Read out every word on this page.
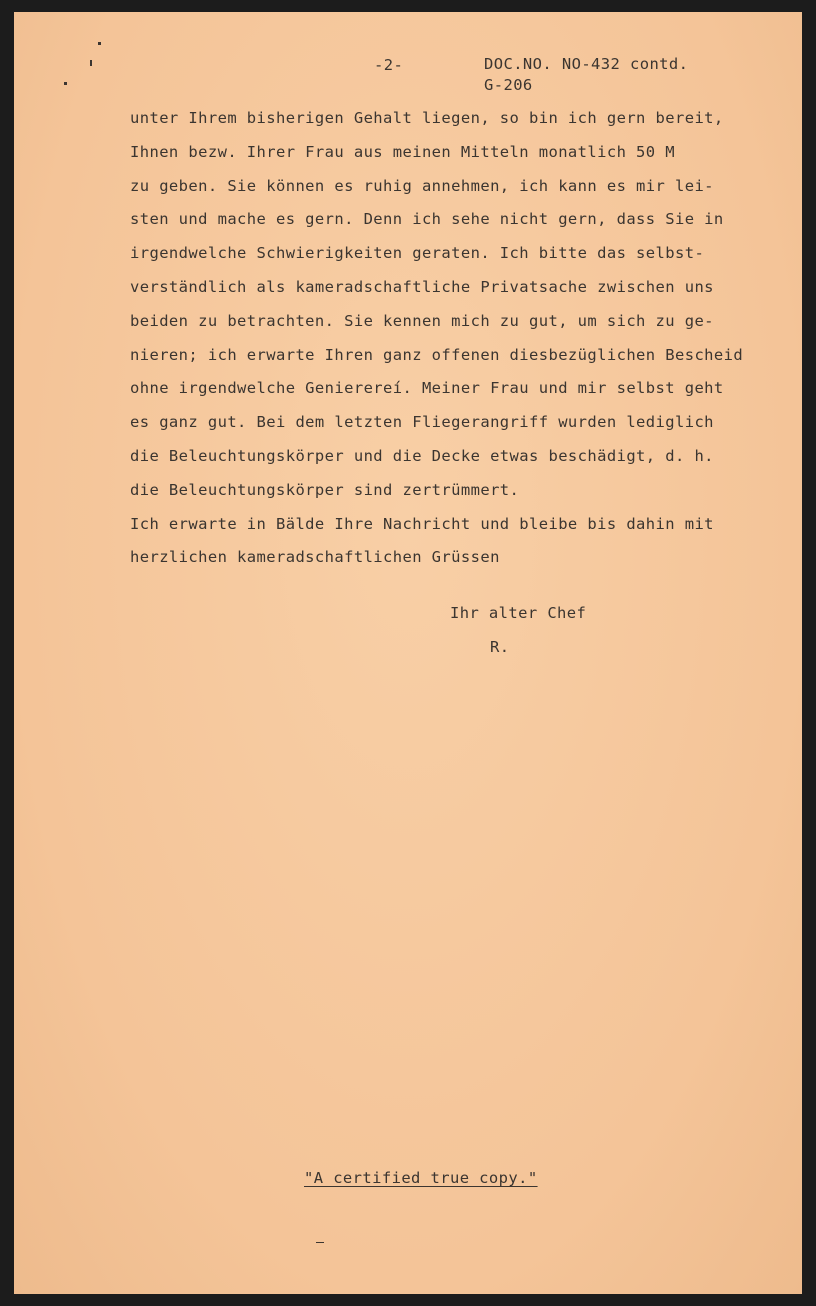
-2-	DOC.NO. NO-432 contd.
G-206
unter Ihrem bisherigen Gehalt liegen, so bin ich gern bereit,
Ihnen bezw. Ihrer Frau aus meinen Mitteln monatlich 50 M
zu geben. Sie können es ruhig annehmen, ich kann es mir lei-
sten und mache es gern. Denn ich sehe nicht gern, dass Sie in
irgendwelche Schwierigkeiten geraten. Ich bitte das selbst-
verständlich als kameradschaftliche Privatsache zwischen uns
beiden zu betrachten. Sie kennen mich zu gut, um sich zu ge-
nieren; ich erwarte Ihren ganz offenen diesbezüglichen Bescheid
ohne irgendwelche Genierereí. Meiner Frau und mir selbst geht
es ganz gut. Bei dem letzten Fliegerangriff wurden lediglich
die Beleuchtungskörper und die Decke etwas beschädigt, d. h.
die Beleuchtungskörper sind zertrümmert.
Ich erwarte in Bälde Ihre Nachricht und bleibe bis dahin mit
herzlichen kameradschaftlichen Grüssen
Ihr alter Chef
R.
"A certified true copy."
